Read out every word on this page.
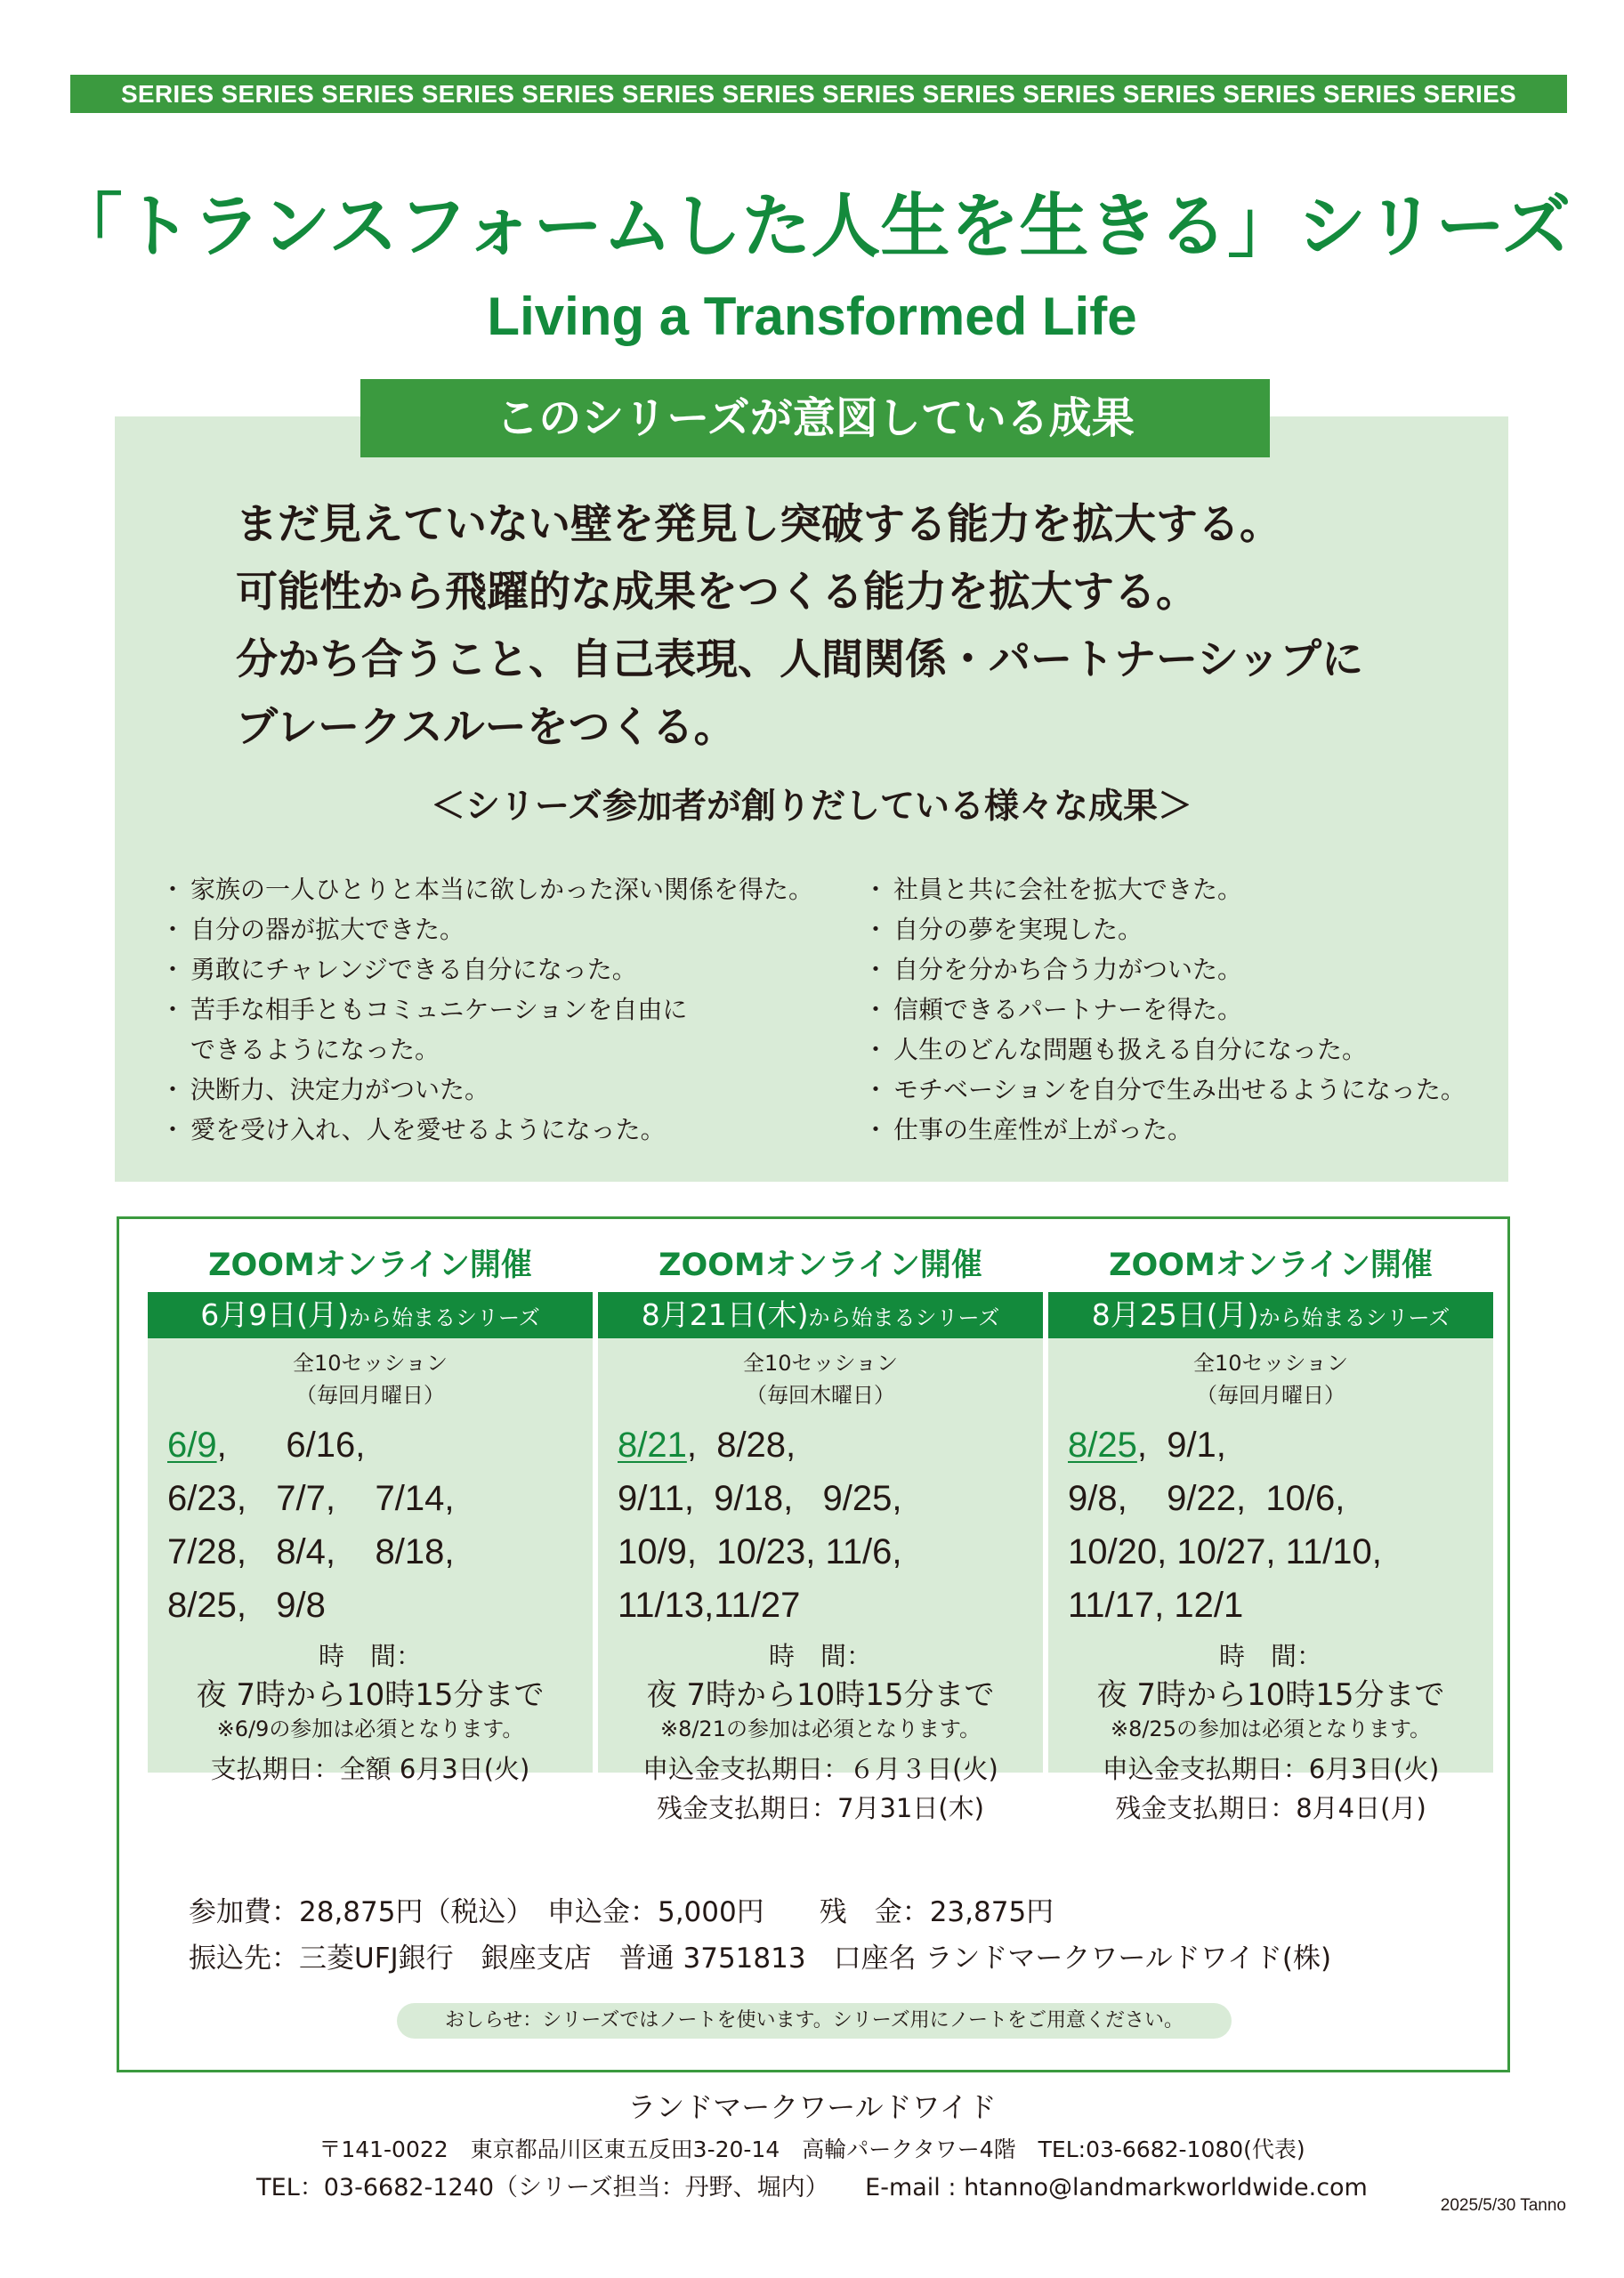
SERIES SERIES SERIES SERIES SERIES SERIES SERIES SERIES SERIES SERIES SERIES SERIES SERIES SERIES
「トランスフォームした人生を生きる」シリーズ
Living a Transformed Life
このシリーズが意図している成果
まだ見えていない壁を発見し突破する能力を拡大する。
可能性から飛躍的な成果をつくる能力を拡大する。
分かち合うこと、自己表現、人間関係・パートナーシップに
ブレークスルーをつくる。
＜シリーズ参加者が創りだしている様々な成果＞
・ 家族の一人ひとりと本当に欲しかった深い関係を得た。
・ 自分の器が拡大できた。
・ 勇敢にチャレンジできる自分になった。
・ 苦手な相手ともコミュニケーションを自由に
できるようになった。
・ 決断力、決定力がついた。
・ 愛を受け入れ、人を愛せるようになった。
・ 社員と共に会社を拡大できた。
・ 自分の夢を実現した。
・ 自分を分かち合う力がついた。
・ 信頼できるパートナーを得た。
・ 人生のどんな問題も扱える自分になった。
・ モチベーションを自分で生み出せるようになった。
・ 仕事の生産性が上がった。
ZOOMオンライン開催
6月9日(月)から始まるシリーズ
全10セッション
（毎回月曜日）
6/9,      6/16,
6/23,   7/7,    7/14,
7/28,   8/4,    8/18,
8/25,   9/8
時　間：
夜 7時から10時15分まで
※6/9の参加は必須となります。
支払期日：全額 6月3日(火)
ZOOMオンライン開催
8月21日(木)から始まるシリーズ
全10セッション
（毎回木曜日）
8/21,  8/28,
9/11,  9/18,   9/25,
10/9,  10/23, 11/6,
11/13,11/27
時　間：
夜 7時から10時15分まで
※8/21の参加は必須となります。
申込金支払期日：６月３日(火)
残金支払期日：7月31日(木)
ZOOMオンライン開催
8月25日(月)から始まるシリーズ
全10セッション
（毎回月曜日）
8/25,  9/1,
9/8,    9/22,  10/6,
10/20, 10/27, 11/10,
11/17, 12/1
時　間：
夜 7時から10時15分まで
※8/25の参加は必須となります。
申込金支払期日：6月3日(火)
残金支払期日：8月4日(月)
参加費：28,875円（税込）　申込金：5,000円　　残　金：23,875円
振込先：三菱UFJ銀行　銀座支店　普通 3751813　口座名 ランドマークワールドワイド(株)
おしらせ：シリーズではノートを使います。シリーズ用にノートをご用意ください。
ランドマークワールドワイド
〒141-0022　東京都品川区東五反田3-20-14　高輪パークタワー4階　TEL:03-6682-1080(代表)
TEL：03-6682-1240（シリーズ担当：丹野、堀内）　　E-mail : htanno@landmarkworldwide.com
2025/5/30 Tanno
